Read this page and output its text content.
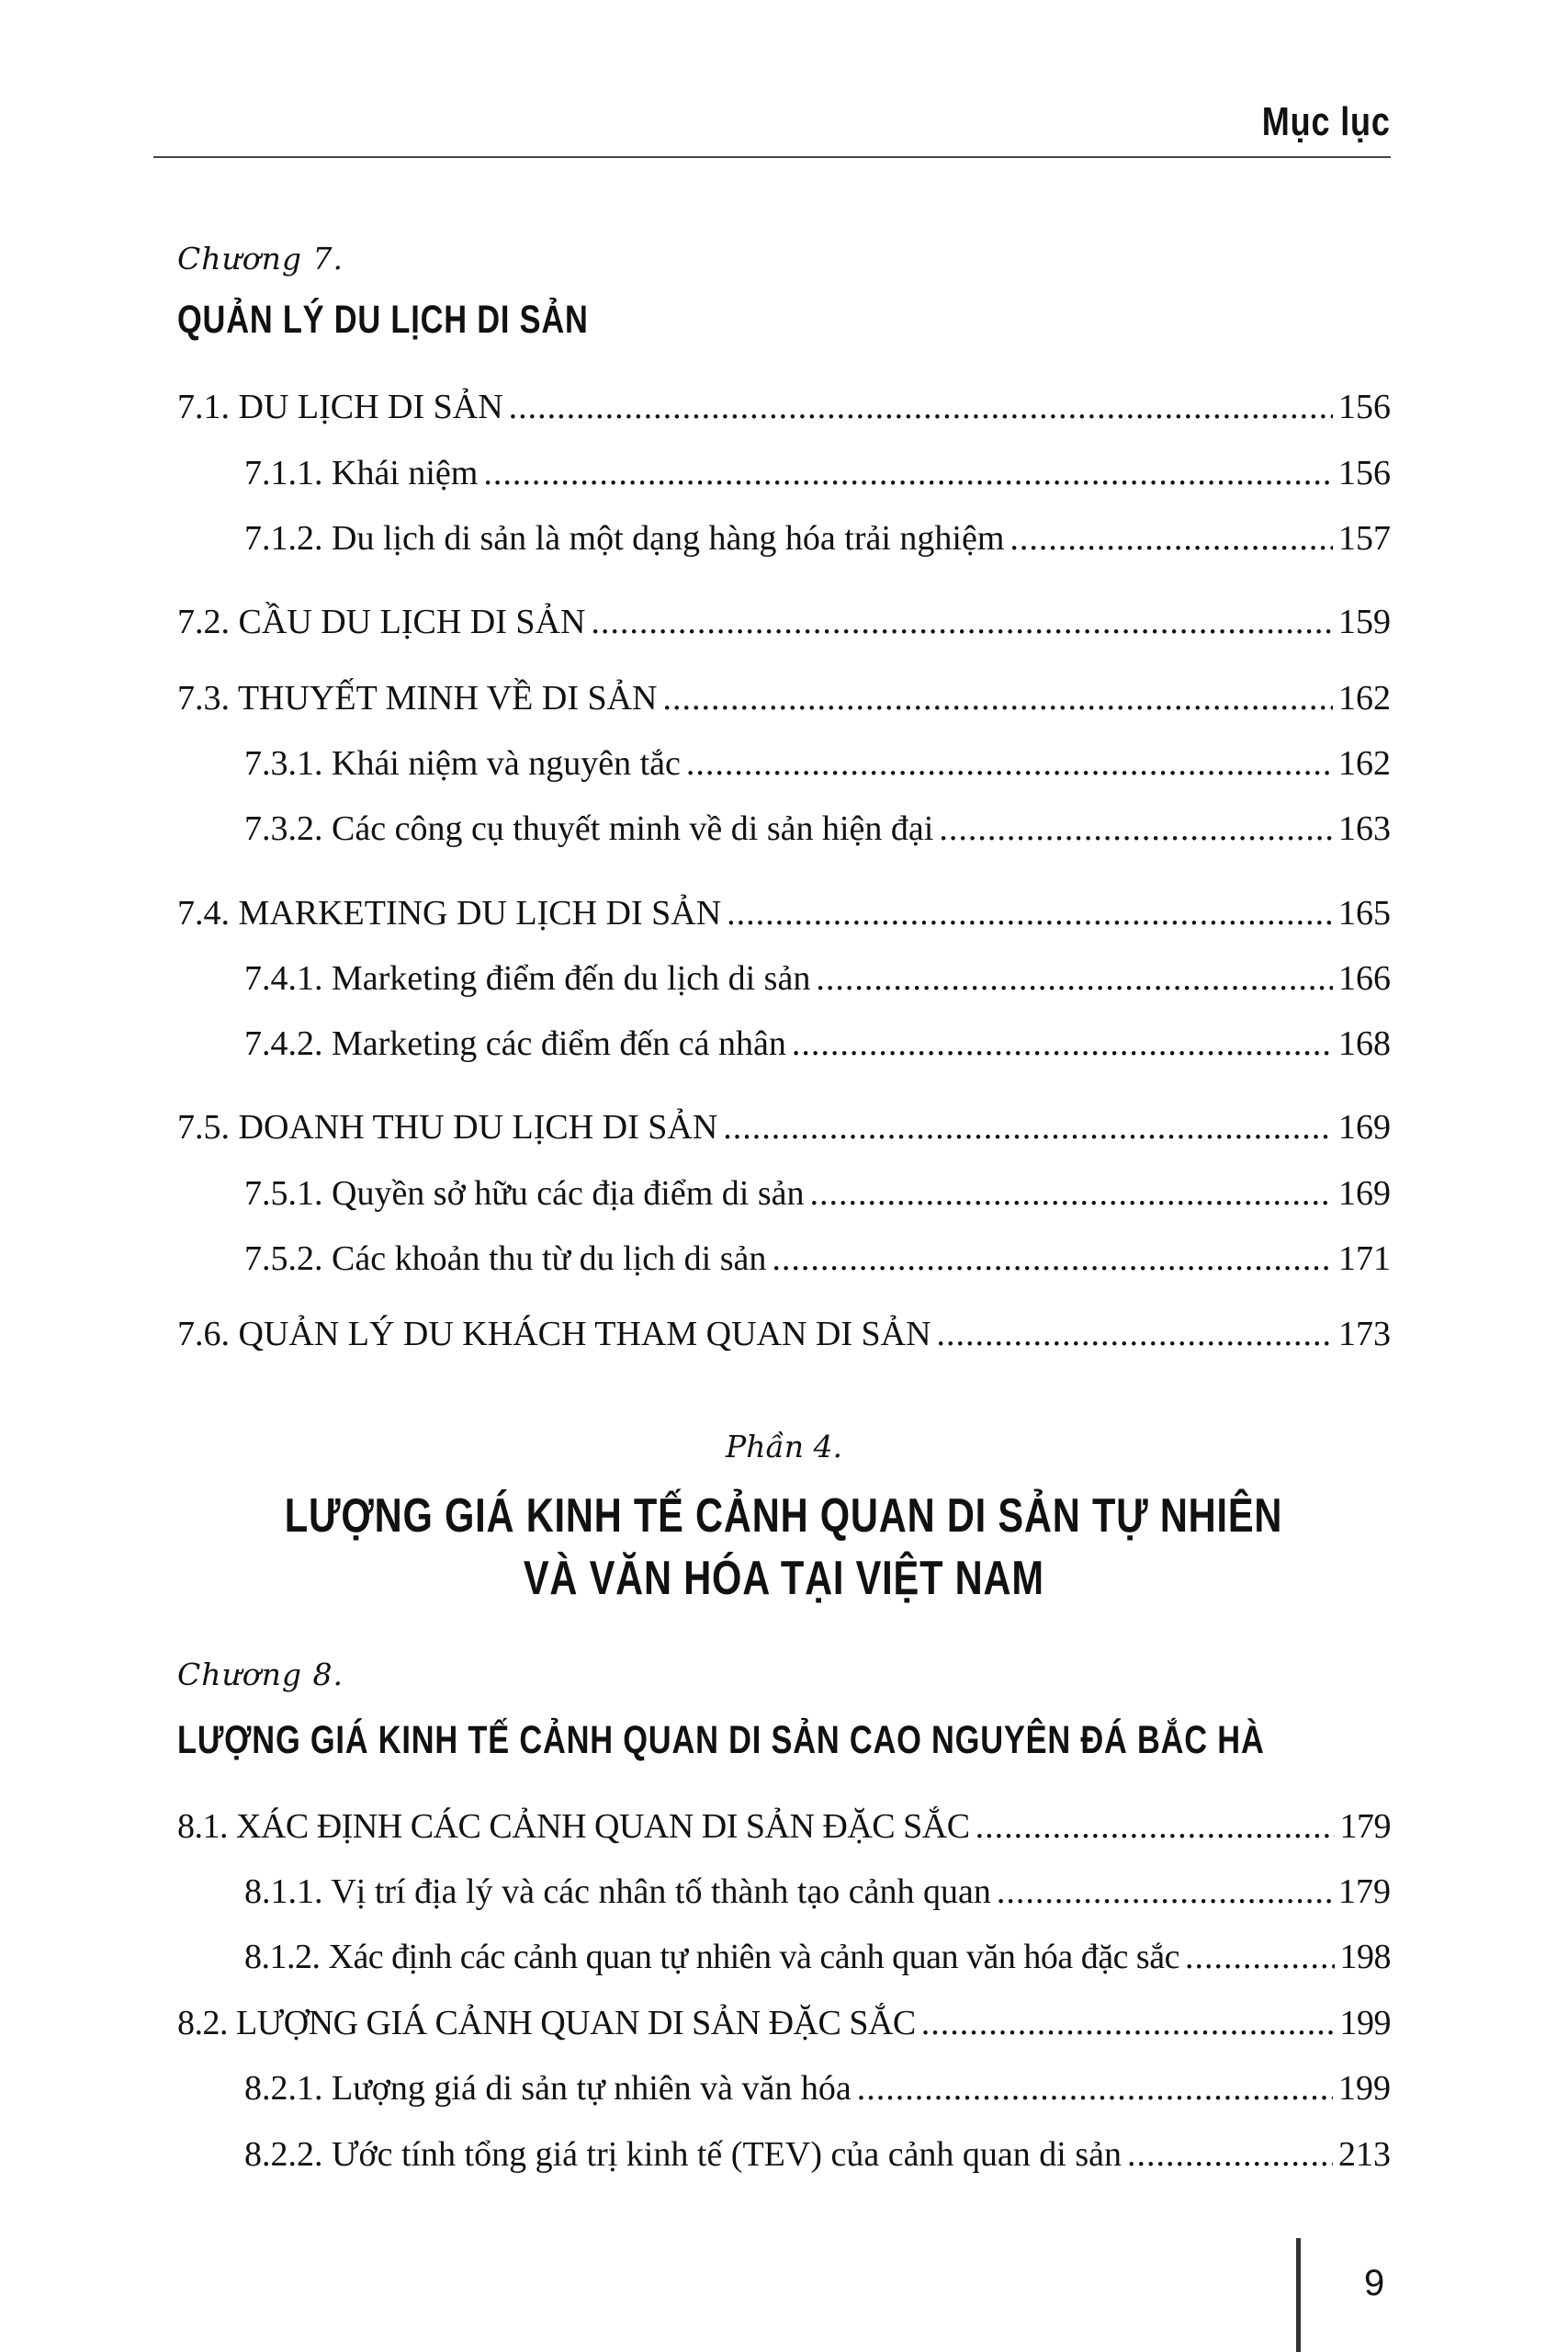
Mục lục
Chương 7.
QUẢN LÝ DU LỊCH DI SẢN
7.1. DU LỊCH DI SẢN .....	156
7.1.1. Khái niệm .....	156
7.1.2. Du lịch di sản là một dạng hàng hóa trải nghiệm .....	157
7.2. CẦU DU LỊCH DI SẢN .....	159
7.3. THUYẾT MINH VỀ DI SẢN .....	162
7.3.1. Khái niệm và nguyên tắc .....	162
7.3.2. Các công cụ thuyết minh về di sản hiện đại .....	163
7.4. MARKETING DU LỊCH DI SẢN .....	165
7.4.1. Marketing điểm đến du lịch di sản .....	166
7.4.2. Marketing các điểm đến cá nhân .....	168
7.5. DOANH THU DU LỊCH DI SẢN .....	169
7.5.1. Quyền sở hữu các địa điểm di sản .....	169
7.5.2. Các khoản thu từ du lịch di sản .....	171
7.6. QUẢN LÝ DU KHÁCH THAM QUAN DI SẢN .....	173
Phần 4.
LƯỢNG GIÁ KINH TẾ CẢNH QUAN DI SẢN TỰ NHIÊN
VÀ VĂN HÓA TẠI VIỆT NAM
Chương 8.
LƯỢNG GIÁ KINH TẾ CẢNH QUAN DI SẢN CAO NGUYÊN ĐÁ BẮC HÀ
8.1. XÁC ĐỊNH CÁC CẢNH QUAN DI SẢN ĐẶC SẮC .....	179
8.1.1. Vị trí địa lý và các nhân tố thành tạo cảnh quan .....	179
8.1.2. Xác định các cảnh quan tự nhiên và cảnh quan văn hóa đặc sắc .....	198
8.2. LƯỢNG GIÁ CẢNH QUAN DI SẢN ĐẶC SẮC .....	199
8.2.1. Lượng giá di sản tự nhiên và văn hóa .....	199
8.2.2. Ước tính tổng giá trị kinh tế (TEV) của cảnh quan di sản .....	213
9
